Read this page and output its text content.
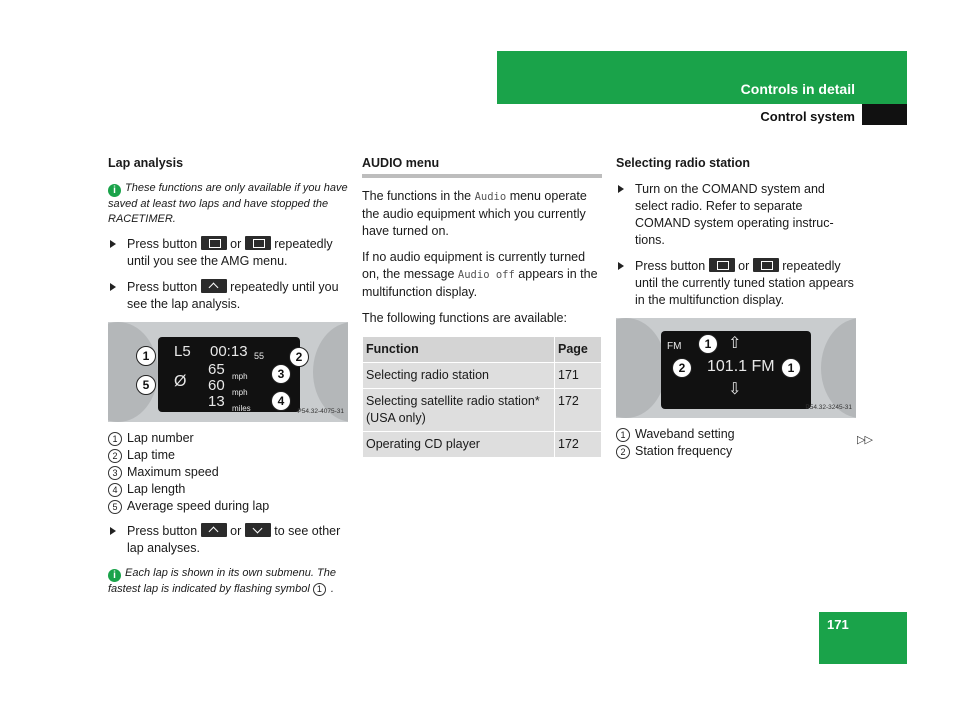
Controls in detail
Control system
Lap analysis
i These functions are only available if you have saved at least two laps and have stopped the RACETIMER.
Press button	or	repeatedly until you see the AMG menu.
Press button	repeatedly until you see the lap analysis.
L5 00:13 55
Ø
65 mph
60 mph
13 miles
1	2
3
4
5
P54.32-4075-31
1 Lap number
2 Lap time
3 Maximum speed
4 Lap length
5 Average speed during lap
Press button	or	to see other lap analyses.
i Each lap is shown in its own submenu. The fastest lap is indicated by flashing symbol 1 .
AUDIO menu

The functions in the Audio menu operate the audio equipment which you currently have turned on.

If no audio equipment is currently turned on, the message Audio off appears in the multifunction display.

The following functions are available:

Function	Page
Selecting radio station	171
Selecting satellite radio station* (USA only)	172
Operating CD player	172
Selecting radio station
Turn on the COMAND system and select radio. Refer to separate COMAND system operating instructions.
Press button	or	repeatedly until the currently tuned station appears in the multifunction display.
FM	⇧
101.1 FM
⇩
1
2	1
P54.32-3245-31
1 Waveband setting
2 Station frequency
▷▷
171
